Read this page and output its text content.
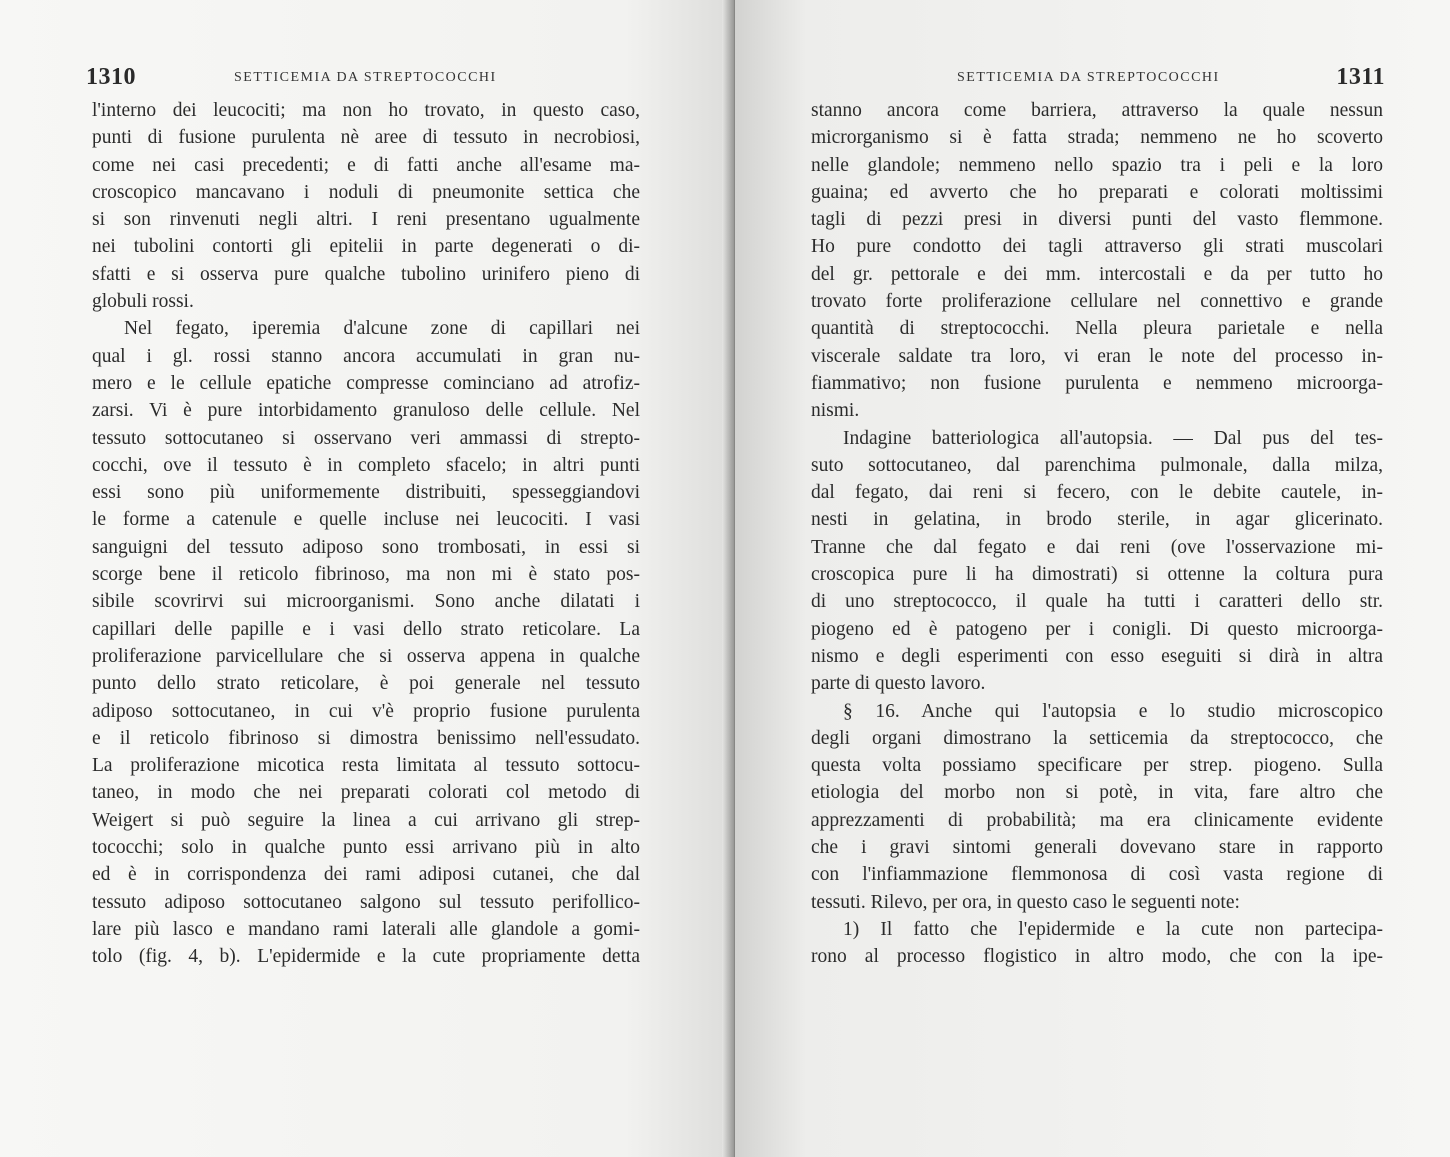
1310	SETTICEMIA DA STREPTOCOCCHI
l'interno dei leucociti; ma non ho trovato, in questo caso,
punti di fusione purulenta nè aree di tessuto in necrobiosi,
come nei casi precedenti; e di fatti anche all'esame ma-
croscopico mancavano i noduli di pneumonite settica che
si son rinvenuti negli altri. I reni presentano ugualmente
nei tubolini contorti gli epitelii in parte degenerati o di-
sfatti e si osserva pure qualche tubolino urinifero pieno di
globuli rossi.
Nel fegato, iperemia d'alcune zone di capillari nei
qual i gl. rossi stanno ancora accumulati in gran nu-
mero e le cellule epatiche compresse cominciano ad atrofiz-
zarsi. Vi è pure intorbidamento granuloso delle cellule. Nel
tessuto sottocutaneo si osservano veri ammassi di strepto-
cocchi, ove il tessuto è in completo sfacelo; in altri punti
essi sono più uniformemente distribuiti, spesseggiandovi
le forme a catenule e quelle incluse nei leucociti. I vasi
sanguigni del tessuto adiposo sono trombosati, in essi si
scorge bene il reticolo fibrinoso, ma non mi è stato pos-
sibile scovrirvi sui microorganismi. Sono anche dilatati i
capillari delle papille e i vasi dello strato reticolare. La
proliferazione parvicellulare che si osserva appena in qualche
punto dello strato reticolare, è poi generale nel tessuto
adiposo sottocutaneo, in cui v'è proprio fusione purulenta
e il reticolo fibrinoso si dimostra benissimo nell'essudato.
La proliferazione micotica resta limitata al tessuto sottocu-
taneo, in modo che nei preparati colorati col metodo di
Weigert si può seguire la linea a cui arrivano gli strep-
tococchi; solo in qualche punto essi arrivano più in alto
ed è in corrispondenza dei rami adiposi cutanei, che dal
tessuto adiposo sottocutaneo salgono sul tessuto perifollico-
lare più lasco e mandano rami laterali alle glandole a gomi-
tolo (fig. 4, b). L'epidermide e la cute propriamente detta
SETTICEMIA DA STREPTOCOCCHI	1311
stanno ancora come barriera, attraverso la quale nessun
microrganismo si è fatta strada; nemmeno ne ho scoverto
nelle glandole; nemmeno nello spazio tra i peli e la loro
guaina; ed avverto che ho preparati e colorati moltissimi
tagli di pezzi presi in diversi punti del vasto flemmone.
Ho pure condotto dei tagli attraverso gli strati muscolari
del gr. pettorale e dei mm. intercostali e da per tutto ho
trovato forte proliferazione cellulare nel connettivo e grande
quantità di streptococchi. Nella pleura parietale e nella
viscerale saldate tra loro, vi eran le note del processo in-
fiammativo; non fusione purulenta e nemmeno microorga-
nismi.
Indagine batteriologica all'autopsia. — Dal pus del tes-
suto sottocutaneo, dal parenchima pulmonale, dalla milza,
dal fegato, dai reni si fecero, con le debite cautele, in-
nesti in gelatina, in brodo sterile, in agar glicerinato.
Tranne che dal fegato e dai reni (ove l'osservazione mi-
croscopica pure li ha dimostrati) si ottenne la coltura pura
di uno streptococco, il quale ha tutti i caratteri dello str.
piogeno ed è patogeno per i conigli. Di questo microorga-
nismo e degli esperimenti con esso eseguiti si dirà in altra
parte di questo lavoro.
§ 16. Anche qui l'autopsia e lo studio microscopico
degli organi dimostrano la setticemia da streptococco, che
questa volta possiamo specificare per strep. piogeno. Sulla
etiologia del morbo non si potè, in vita, fare altro che
apprezzamenti di probabilità; ma era clinicamente evidente
che i gravi sintomi generali dovevano stare in rapporto
con l'infiammazione flemmonosa di così vasta regione di
tessuti. Rilevo, per ora, in questo caso le seguenti note:
1) Il fatto che l'epidermide e la cute non partecipa-
rono al processo flogistico in altro modo, che con la ipe-
